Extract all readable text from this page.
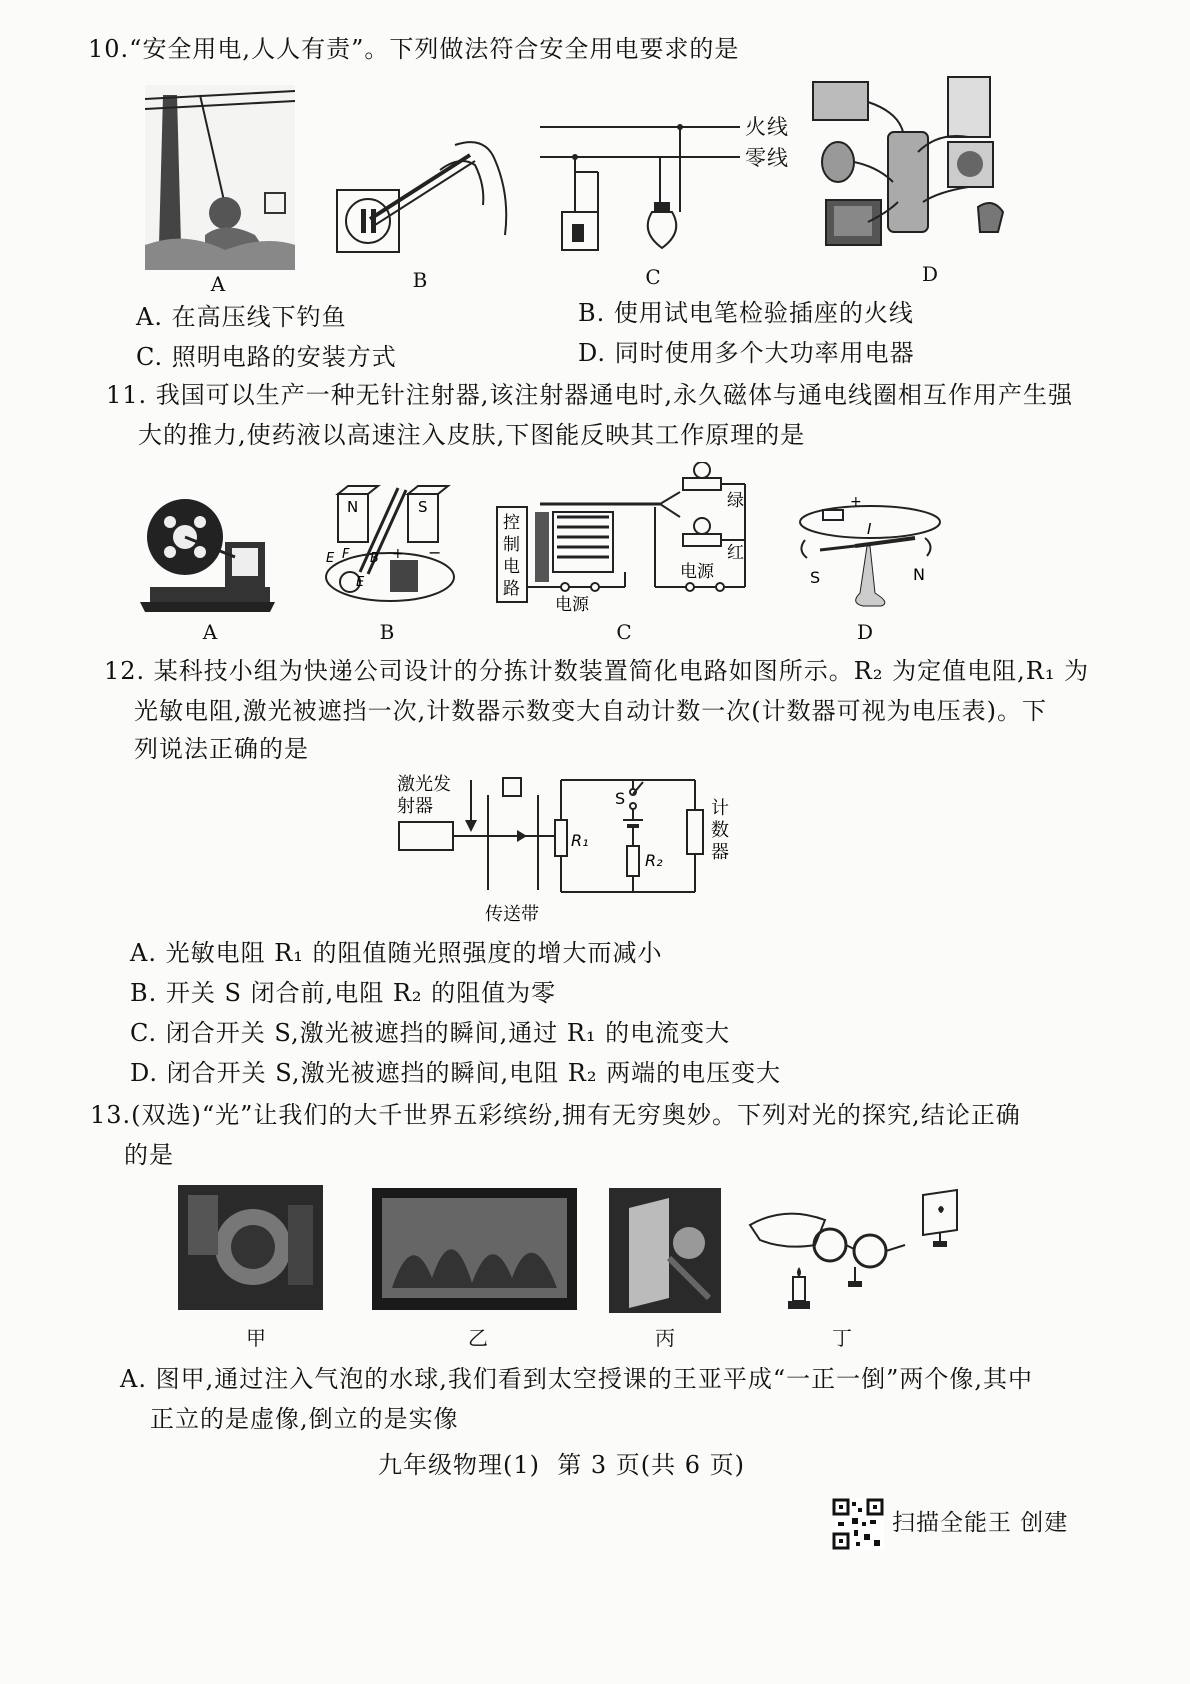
10.“安全用电,人人有责”。下列做法符合安全用电要求的是
A	B
火线
零线
C	D
A. 在高压线下钓鱼	B. 使用试电笔检验插座的火线
C. 照明电路的安装方式	D. 同时使用多个大功率用电器
11. 我国可以生产一种无针注射器,该注射器通电时,永久磁体与通电线圈相互作用产生强
大的推力,使药液以高速注入皮肤,下图能反映其工作原理的是
A
N	S
E	B
E
F	+ −
B
控
制
电
路
电源
电源
绿
红
C
+
I
S	N
D
12. 某科技小组为快递公司设计的分拣计数装置简化电路如图所示。R₂ 为定值电阻,R₁ 为
光敏电阻,激光被遮挡一次,计数器示数变大自动计数一次(计数器可视为电压表)。下
列说法正确的是
激光发
射器
传送带
R₁
计
数
器
S
R₂
A. 光敏电阻 R₁ 的阻值随光照强度的增大而减小
B. 开关 S 闭合前,电阻 R₂ 的阻值为零
C. 闭合开关 S,激光被遮挡的瞬间,通过 R₁ 的电流变大
D. 闭合开关 S,激光被遮挡的瞬间,电阻 R₂ 两端的电压变大
13.(双选)“光”让我们的大千世界五彩缤纷,拥有无穷奥妙。下列对光的探究,结论正确
的是
甲	乙	丙	丁
A. 图甲,通过注入气泡的水球,我们看到太空授课的王亚平成“一正一倒”两个像,其中
正立的是虚像,倒立的是实像
九年级物理(1)  第 3 页(共 6 页)
扫描全能王 创建
